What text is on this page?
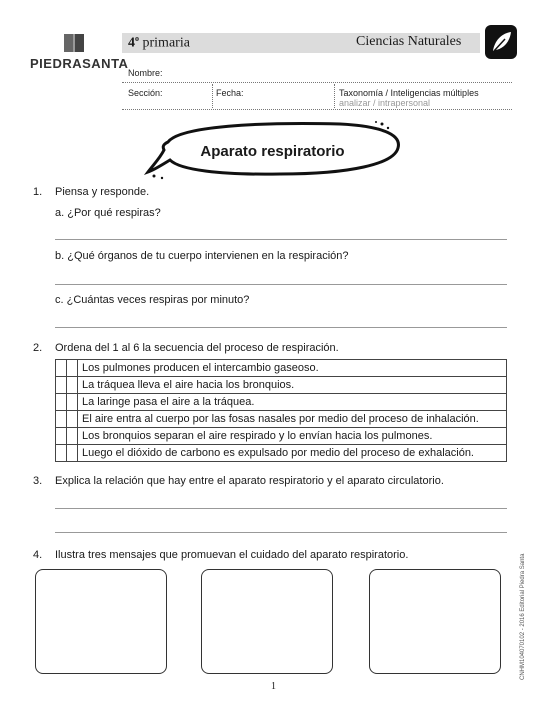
PIEDRASANTA
4$^o$ primaria	Ciencias Naturales
Nombre:
Sección:	Fecha:	Taxonomía / Inteligencias múltiples
analizar / intrapersonal
Aparato respiratorio
1. Piensa y responde.
a. ¿Por qué respiras?
b. ¿Qué órganos de tu cuerpo intervienen en la respiración?
c. ¿Cuántas veces respiras por minuto?
2. Ordena del 1 al 6 la secuencia del proceso de respiración.
		Los pulmones producen el intercambio gaseoso.
		La tráquea lleva el aire hacia los bronquios.
		La laringe pasa el aire a la tráquea.
		El aire entra al cuerpo por las fosas nasales por medio del proceso de inhalación.
		Los bronquios separan el aire respirado y lo envían hacia los pulmones.
		Luego el dióxido de carbono es expulsado por medio del proceso de exhalación.
3. Explica la relación que hay entre el aparato respiratorio y el aparato circulatorio.
4. Ilustra tres mensajes que promuevan el cuidado del aparato respiratorio.	CNHM104070102 - 2016 Editorial Piedra Santa
1
